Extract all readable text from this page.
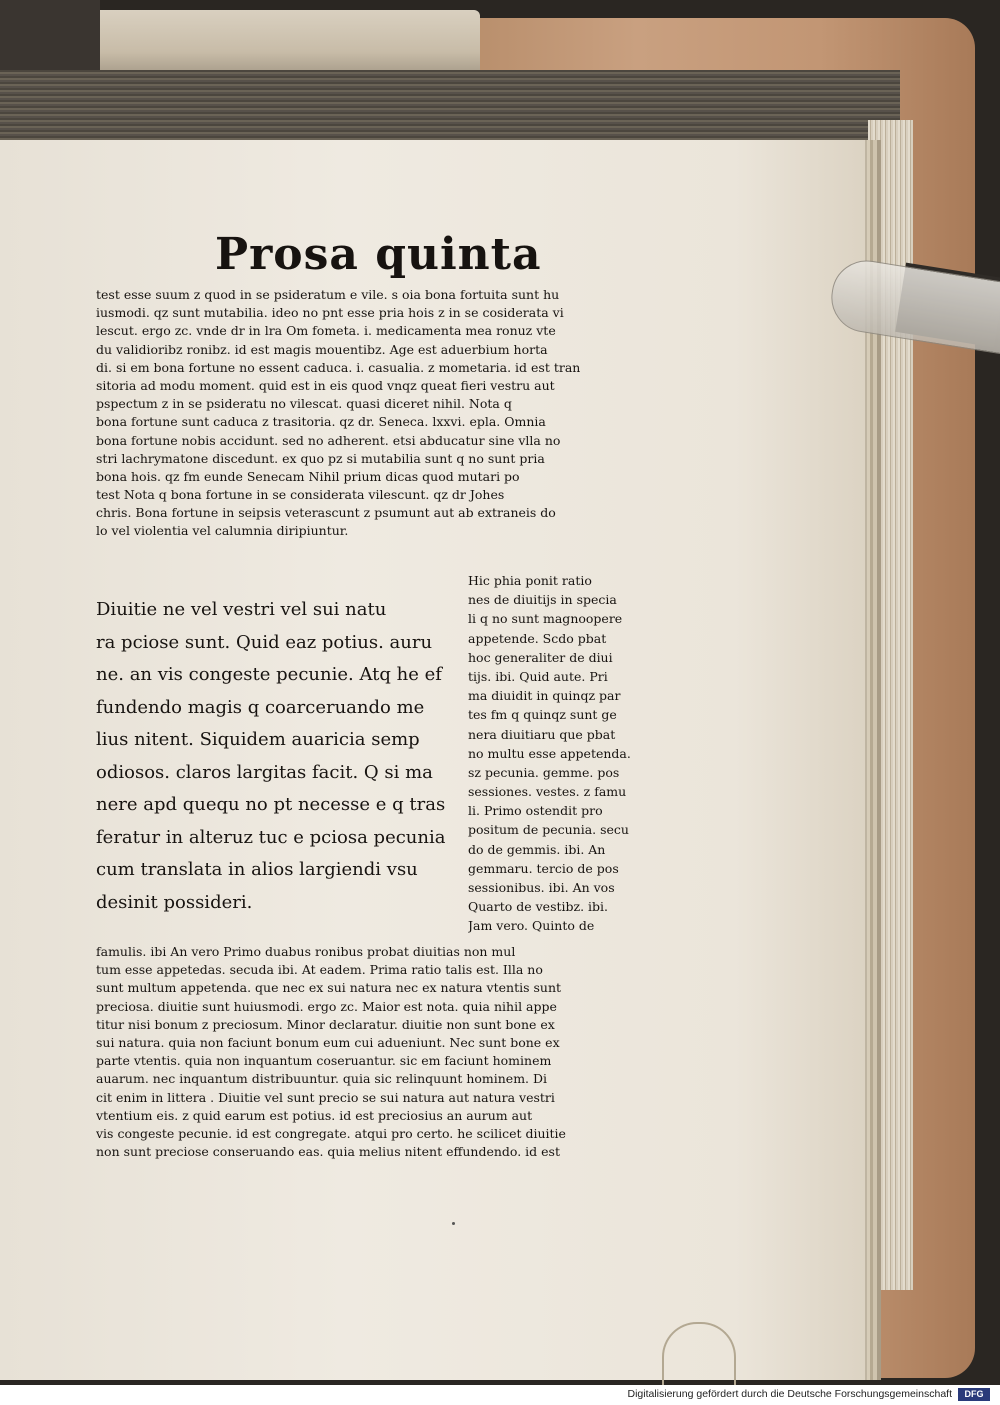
Prosa quinta
test esse suum z quod in se psideratum e vile. s oia bona fortuita sunt hu
iusmodi. qz sunt mutabilia. ideo no pnt esse pria hois z in se cosiderata vi
lescut. ergo zc. vnde dr in lra Om fometa. i. medicamenta mea ronuz vte
du validioribz ronibz. id est magis mouentibz. Age est aduerbium horta
di. si em bona fortune no essent caduca. i. casualia. z mometaria. id est tran
sitoria ad modu moment. quid est in eis quod vnqz queat fieri vestru aut
pspectum z in se psideratu no vilescat. quasi diceret nihil. Nota q
bona fortune sunt caduca z trasitoria. qz dr. Seneca. lxxvi. epla. Omnia
bona fortune nobis accidunt. sed no adherent. etsi abducatur sine vlla no
stri lachrymatone discedunt. ex quo pz si mutabilia sunt q no sunt pria
bona hois. qz fm eunde Senecam Nihil prium dicas quod mutari po
test Nota q bona fortune in se considerata vilescunt. qz dr Johes
chris. Bona fortune in seipsis veterascunt z psumunt aut ab extraneis do
lo vel violentia vel calumnia diripiuntur.
Diuitie ne vel vestri vel sui natu
ra pciose sunt. Quid eaz potius. auru
ne. an vis congeste pecunie. Atq he ef
fundendo magis q coarceruando me
lius nitent. Siquidem auaricia semp
odiosos. claros largitas facit. Q si ma
nere apd quequ no pt necesse e q tras
feratur in alteruz tuc e pciosa pecunia
cum translata in alios largiendi vsu
desinit possideri.
Hic phia ponit ratio
nes de diuitijs in specia
li q no sunt magnoopere
appetende. Scdo pbat
hoc generaliter de diui
tijs. ibi. Quid aute. Pri
ma diuidit in quinqz par
tes fm q quinqz sunt ge
nera diuitiaru que pbat
no multu esse appetenda.
sz pecunia. gemme. pos
sessiones. vestes. z famu
li. Primo ostendit pro
positum de pecunia. secu
do de gemmis. ibi. An
gemmaru. tercio de pos
sessionibus. ibi. An vos
Quarto de vestibz. ibi.
Jam vero. Quinto de
famulis. ibi An vero Primo duabus ronibus probat diuitias non mul
tum esse appetedas. secuda ibi. At eadem. Prima ratio talis est. Illa no
sunt multum appetenda. que nec ex sui natura nec ex natura vtentis sunt
preciosa. diuitie sunt huiusmodi. ergo zc. Maior est nota. quia nihil appe
titur nisi bonum z preciosum. Minor declaratur. diuitie non sunt bone ex
sui natura. quia non faciunt bonum eum cui adueniunt. Nec sunt bone ex
parte vtentis. quia non inquantum coseruantur. sic em faciunt hominem
auarum. nec inquantum distribuuntur. quia sic relinquunt hominem. Di
cit enim in littera . Diuitie vel sunt precio se sui natura aut natura vestri
vtentium eis. z quid earum est potius. id est preciosius an aurum aut
vis congeste pecunie. id est congregate. atqui pro certo. he scilicet diuitie
non sunt preciose conseruando eas. quia melius nitent effundendo. id est
Digitalisierung gefördert durch die Deutsche Forschungsgemeinschaft	DFG
